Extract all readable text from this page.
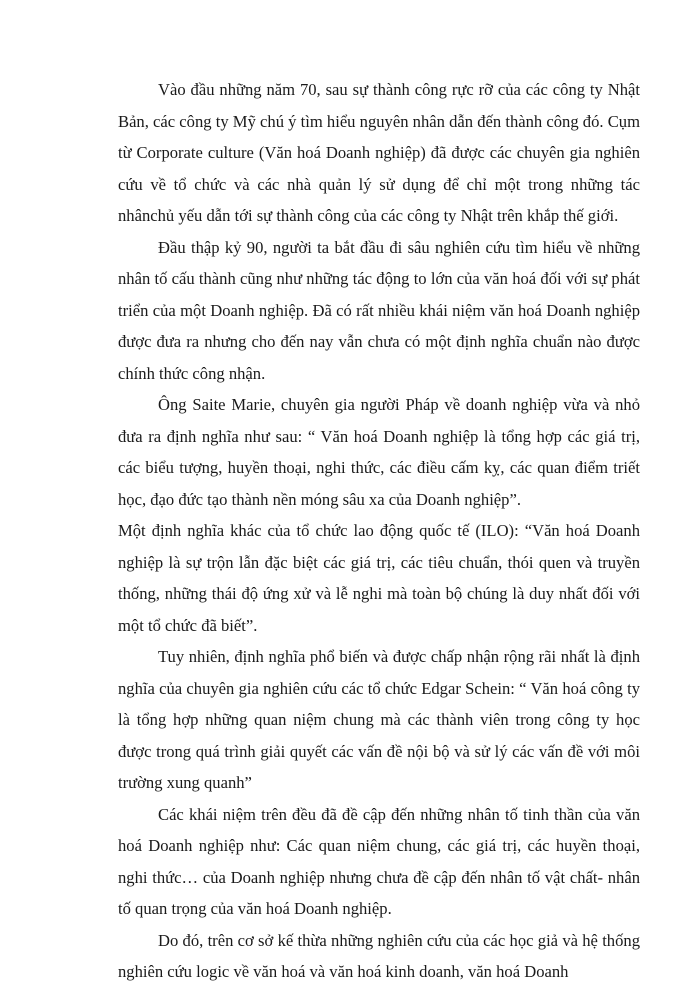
Vào đầu những năm 70, sau sự thành công rực rỡ của các công ty Nhật Bản, các công ty Mỹ chú ý tìm hiểu nguyên nhân dẫn đến thành công đó. Cụm từ Corporate culture (Văn hoá Doanh nghiệp) đã được các chuyên gia nghiên cứu về tổ chức và các nhà quản lý sử dụng để chỉ một trong những tác nhânchủ yếu dẫn tới sự thành công của các công ty Nhật trên khắp thế giới.

Đầu thập kỷ 90, người ta bắt đầu đi sâu nghiên cứu tìm hiểu về những nhân tố cấu thành cũng như những tác động to lớn của văn hoá đối với sự phát triển của một Doanh nghiệp. Đã có rất nhiều khái niệm văn hoá Doanh nghiệp được đưa ra nhưng cho đến nay vẫn chưa có một định nghĩa chuẩn nào được chính thức công nhận.

Ông Saite Marie, chuyên gia người Pháp về doanh nghiệp vừa và nhỏ đưa ra định nghĩa như sau: “ Văn hoá Doanh nghiệp là tổng hợp các giá trị, các biểu tượng, huyền thoại, nghi thức, các điều cấm kỵ, các quan điểm triết học, đạo đức tạo thành nền móng sâu xa của Doanh nghiệp”.

Một định nghĩa khác của tổ chức lao động quốc tế (ILO): “Văn hoá Doanh nghiệp là sự trộn lẫn đặc biệt các giá trị, các tiêu chuẩn, thói quen và truyền thống, những thái độ ứng xử và lễ nghi mà toàn bộ chúng là duy nhất đối với một tổ chức đã biết”.

Tuy nhiên, định nghĩa phổ biến và được chấp nhận rộng rãi nhất là định nghĩa của chuyên gia nghiên cứu các tổ chức Edgar Schein: “ Văn hoá công ty là tổng hợp những quan niệm chung mà các thành viên trong công ty học được trong quá trình giải quyết các vấn đề nội bộ và sử lý các vấn đề với môi trường xung quanh”

Các khái niệm trên đều đã đề cập đến những nhân tố tinh thần của văn hoá Doanh nghiệp như: Các quan niệm chung, các giá trị, các huyền thoại, nghi thức… của Doanh nghiệp nhưng chưa đề cập đến nhân tố vật chất- nhân tố quan trọng của văn hoá Doanh nghiệp.

Do đó, trên cơ sở kế thừa những nghiên cứu của các học giả và hệ thống nghiên cứu logic về văn hoá và văn hoá kinh doanh, văn hoá Doanh
